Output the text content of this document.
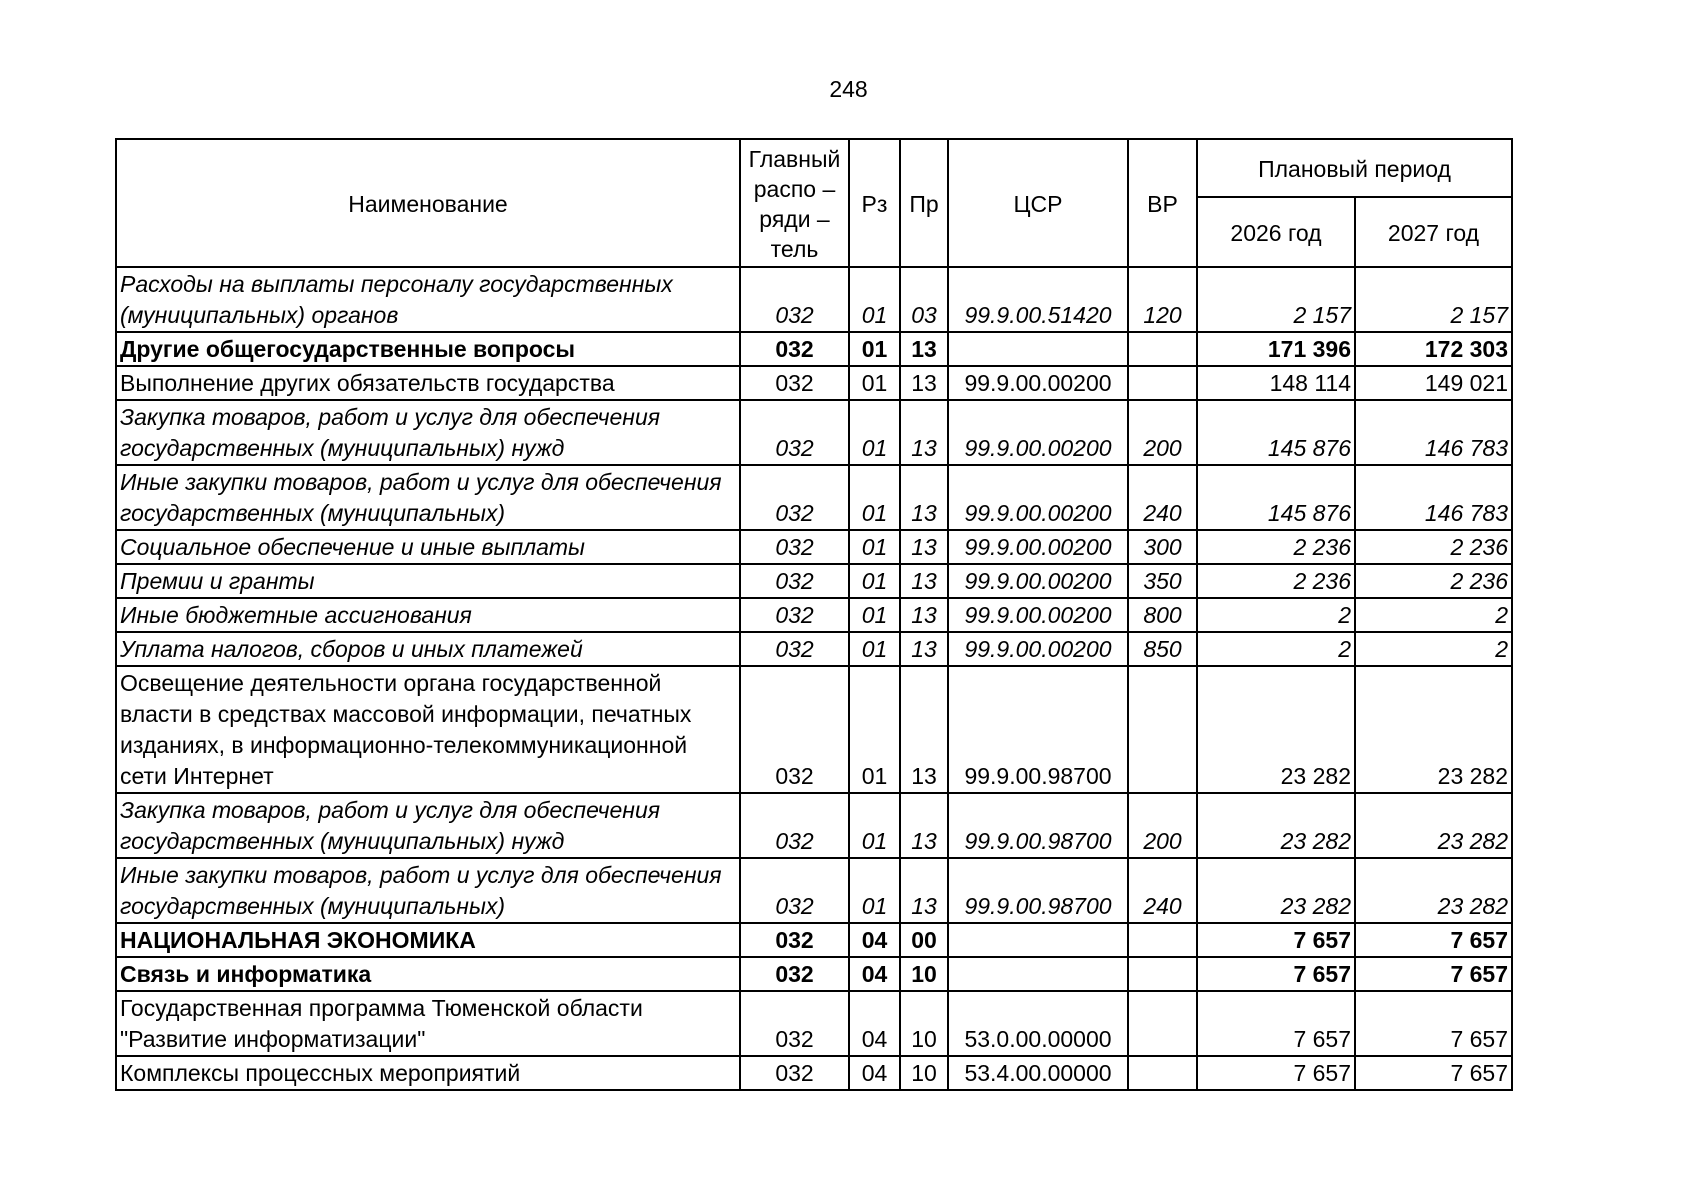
248
Наименование	Главный распо – ряди – тель	Рз	Пр	ЦСР	ВР	Плановый период	
						2026 год	2027 год
Расходы на выплаты персоналу государственных (муниципальных) органов	032	01	03	99.9.00.51420	120	2 157	2 157
Другие общегосударственные вопросы	032	01	13			171 396	172 303
Выполнение других обязательств государства	032	01	13	99.9.00.00200		148 114	149 021
Закупка товаров, работ и услуг для обеспечения государственных (муниципальных) нужд	032	01	13	99.9.00.00200	200	145 876	146 783
Иные закупки товаров, работ и услуг для обеспечения государственных (муниципальных)	032	01	13	99.9.00.00200	240	145 876	146 783
Социальное обеспечение и иные выплаты	032	01	13	99.9.00.00200	300	2 236	2 236
Премии и гранты	032	01	13	99.9.00.00200	350	2 236	2 236
Иные бюджетные ассигнования	032	01	13	99.9.00.00200	800	2	2
Уплата налогов, сборов и иных платежей	032	01	13	99.9.00.00200	850	2	2
Освещение деятельности органа государственной власти в средствах массовой информации, печатных изданиях, в информационно-телекоммуникационной сети Интернет	032	01	13	99.9.00.98700		23 282	23 282
Закупка товаров, работ и услуг для обеспечения государственных (муниципальных) нужд	032	01	13	99.9.00.98700	200	23 282	23 282
Иные закупки товаров, работ и услуг для обеспечения государственных (муниципальных)	032	01	13	99.9.00.98700	240	23 282	23 282
НАЦИОНАЛЬНАЯ ЭКОНОМИКА	032	04	00			7 657	7 657
Связь и информатика	032	04	10			7 657	7 657
Государственная программа Тюменской области "Развитие информатизации"	032	04	10	53.0.00.00000		7 657	7 657
Комплексы процессных мероприятий	032	04	10	53.4.00.00000		7 657	7 657
